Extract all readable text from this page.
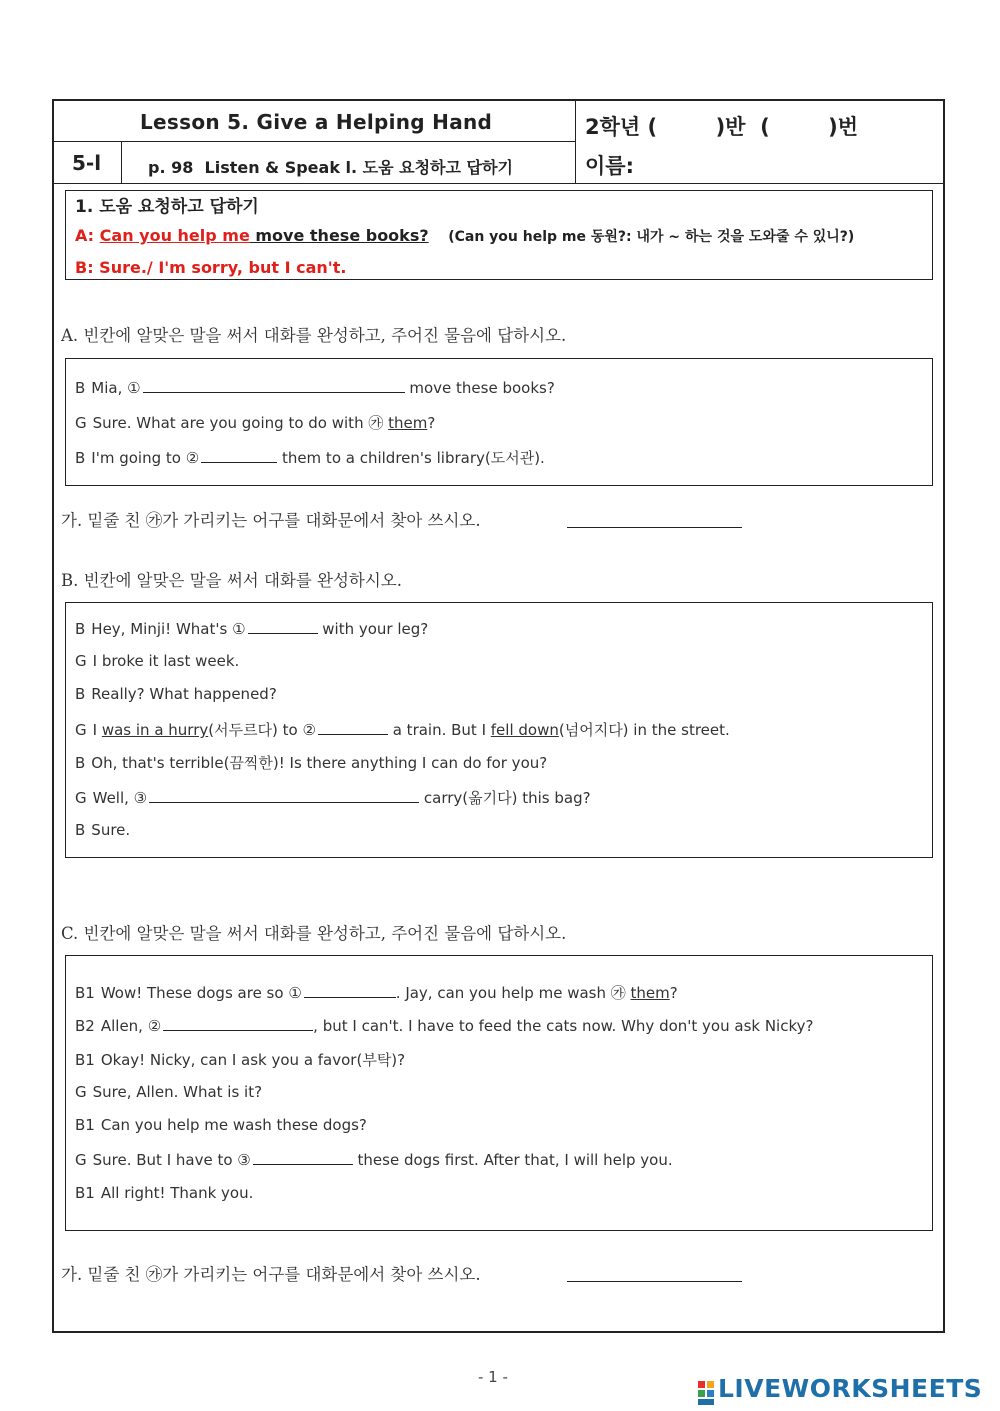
Lesson 5. Give a Helping Hand	2학년 (        )반  (        )번
이름:
5-l	p. 98  Listen & Speak l. 도움 요청하고 답하기
1. 도움 요청하고 답하기
A: Can you help me move these books? (Can you help me 동원?: 내가 ~ 하는 것을 도와줄 수 있니?)
B: Sure./ I'm sorry, but I can't.
A. 빈칸에 알맞은 말을 써서 대화를 완성하고, 주어진 물음에 답하시오.
B Mia, ①	move these books?
G Sure. What are you going to do with ㉮ them?
B I'm going to ②	them to a children's library(도서관).
가. 밑줄 친 ㉮가 가리키는 어구를 대화문에서 찾아 쓰시오.
B. 빈칸에 알맞은 말을 써서 대화를 완성하시오.
B Hey, Minji! What's ①	with your leg?
G I broke it last week.
B Really? What happened?
G I was in a hurry(서두르다) to ②	a train. But I fell down(넘어지다) in the street.
B Oh, that's terrible(끔찍한)! Is there anything I can do for you?
G Well, ③	carry(옮기다) this bag?
B Sure.
C. 빈칸에 알맞은 말을 써서 대화를 완성하고, 주어진 물음에 답하시오.
B1 Wow! These dogs are so ①	. Jay, can you help me wash ㉮ them?
B2 Allen, ②	, but I can't. I have to feed the cats now. Why don't you ask Nicky?
B1 Okay! Nicky, can I ask you a favor(부탁)?
G Sure, Allen. What is it?
B1 Can you help me wash these dogs?
G Sure. But I have to ③	these dogs first. After that, I will help you.
B1 All right! Thank you.
가. 밑줄 친 ㉮가 가리키는 어구를 대화문에서 찾아 쓰시오.
- 1 -	LIVEWORKSHEETS
